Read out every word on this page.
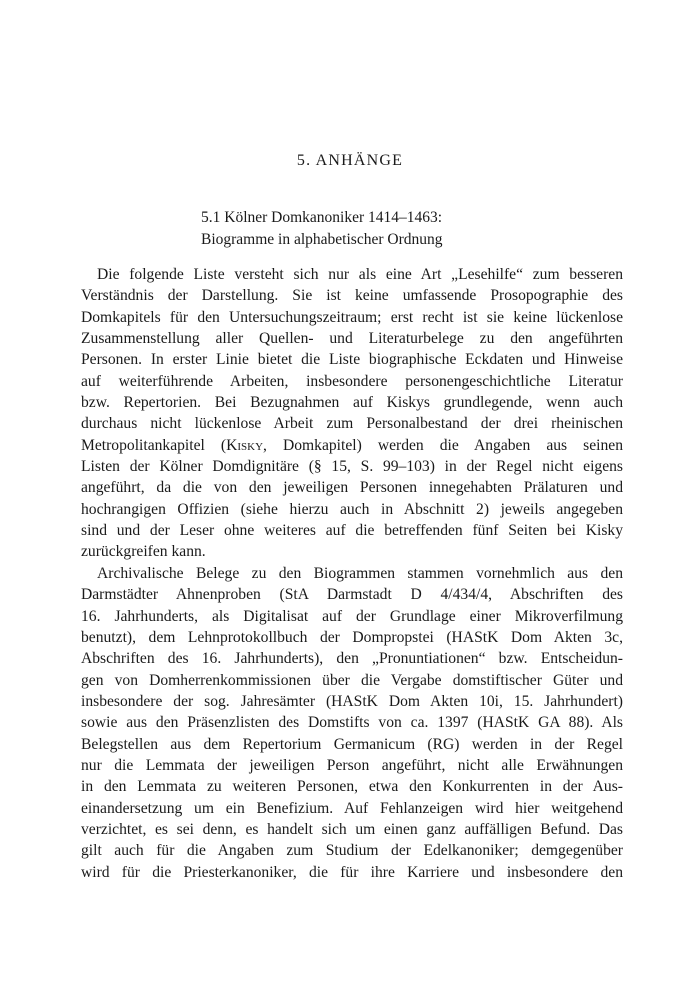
5. ANHÄNGE
5.1 Kölner Domkanoniker 1414–1463:
Biogramme in alphabetischer Ordnung
Die folgende Liste versteht sich nur als eine Art „Lesehilfe“ zum besseren
Verständnis der Darstellung. Sie ist keine umfassende Prosopographie des
Domkapitels für den Untersuchungszeitraum; erst recht ist sie keine lückenlose
Zusammenstellung aller Quellen- und Literaturbelege zu den angeführten
Personen. In erster Linie bietet die Liste biographische Eckdaten und Hinweise
auf weiterführende Arbeiten, insbesondere personengeschichtliche Literatur
bzw. Repertorien. Bei Bezugnahmen auf Kiskys grundlegende, wenn auch
durchaus nicht lückenlose Arbeit zum Personalbestand der drei rheinischen
Metropolitankapitel (Kisky, Domkapitel) werden die Angaben aus seinen
Listen der Kölner Domdignitäre (§ 15, S. 99–103) in der Regel nicht eigens
angeführt, da die von den jeweiligen Personen innegehabten Prälaturen und
hochrangigen Offizien (siehe hierzu auch in Abschnitt 2) jeweils angegeben
sind und der Leser ohne weiteres auf die betreffenden fünf Seiten bei Kisky
zurückgreifen kann.
Archivalische Belege zu den Biogrammen stammen vornehmlich aus den
Darmstädter Ahnenproben (StA Darmstadt D 4/434/4, Abschriften des
16. Jahrhunderts, als Digitalisat auf der Grundlage einer Mikroverfilmung
benutzt), dem Lehnprotokollbuch der Dompropstei (HAStK Dom Akten 3c,
Abschriften des 16. Jahrhunderts), den „Pronuntiationen“ bzw. Entscheidun-
gen von Domherrenkommissionen über die Vergabe domstiftischer Güter und
insbesondere der sog. Jahresämter (HAStK Dom Akten 10i, 15. Jahrhundert)
sowie aus den Präsenzlisten des Domstifts von ca. 1397 (HAStK GA 88). Als
Belegstellen aus dem Repertorium Germanicum (RG) werden in der Regel
nur die Lemmata der jeweiligen Person angeführt, nicht alle Erwähnungen
in den Lemmata zu weiteren Personen, etwa den Konkurrenten in der Aus-
einandersetzung um ein Benefizium. Auf Fehlanzeigen wird hier weitgehend
verzichtet, es sei denn, es handelt sich um einen ganz auffälligen Befund. Das
gilt auch für die Angaben zum Studium der Edelkanoniker; demgegenüber
wird für die Priesterkanoniker, die für ihre Karriere und insbesondere den
